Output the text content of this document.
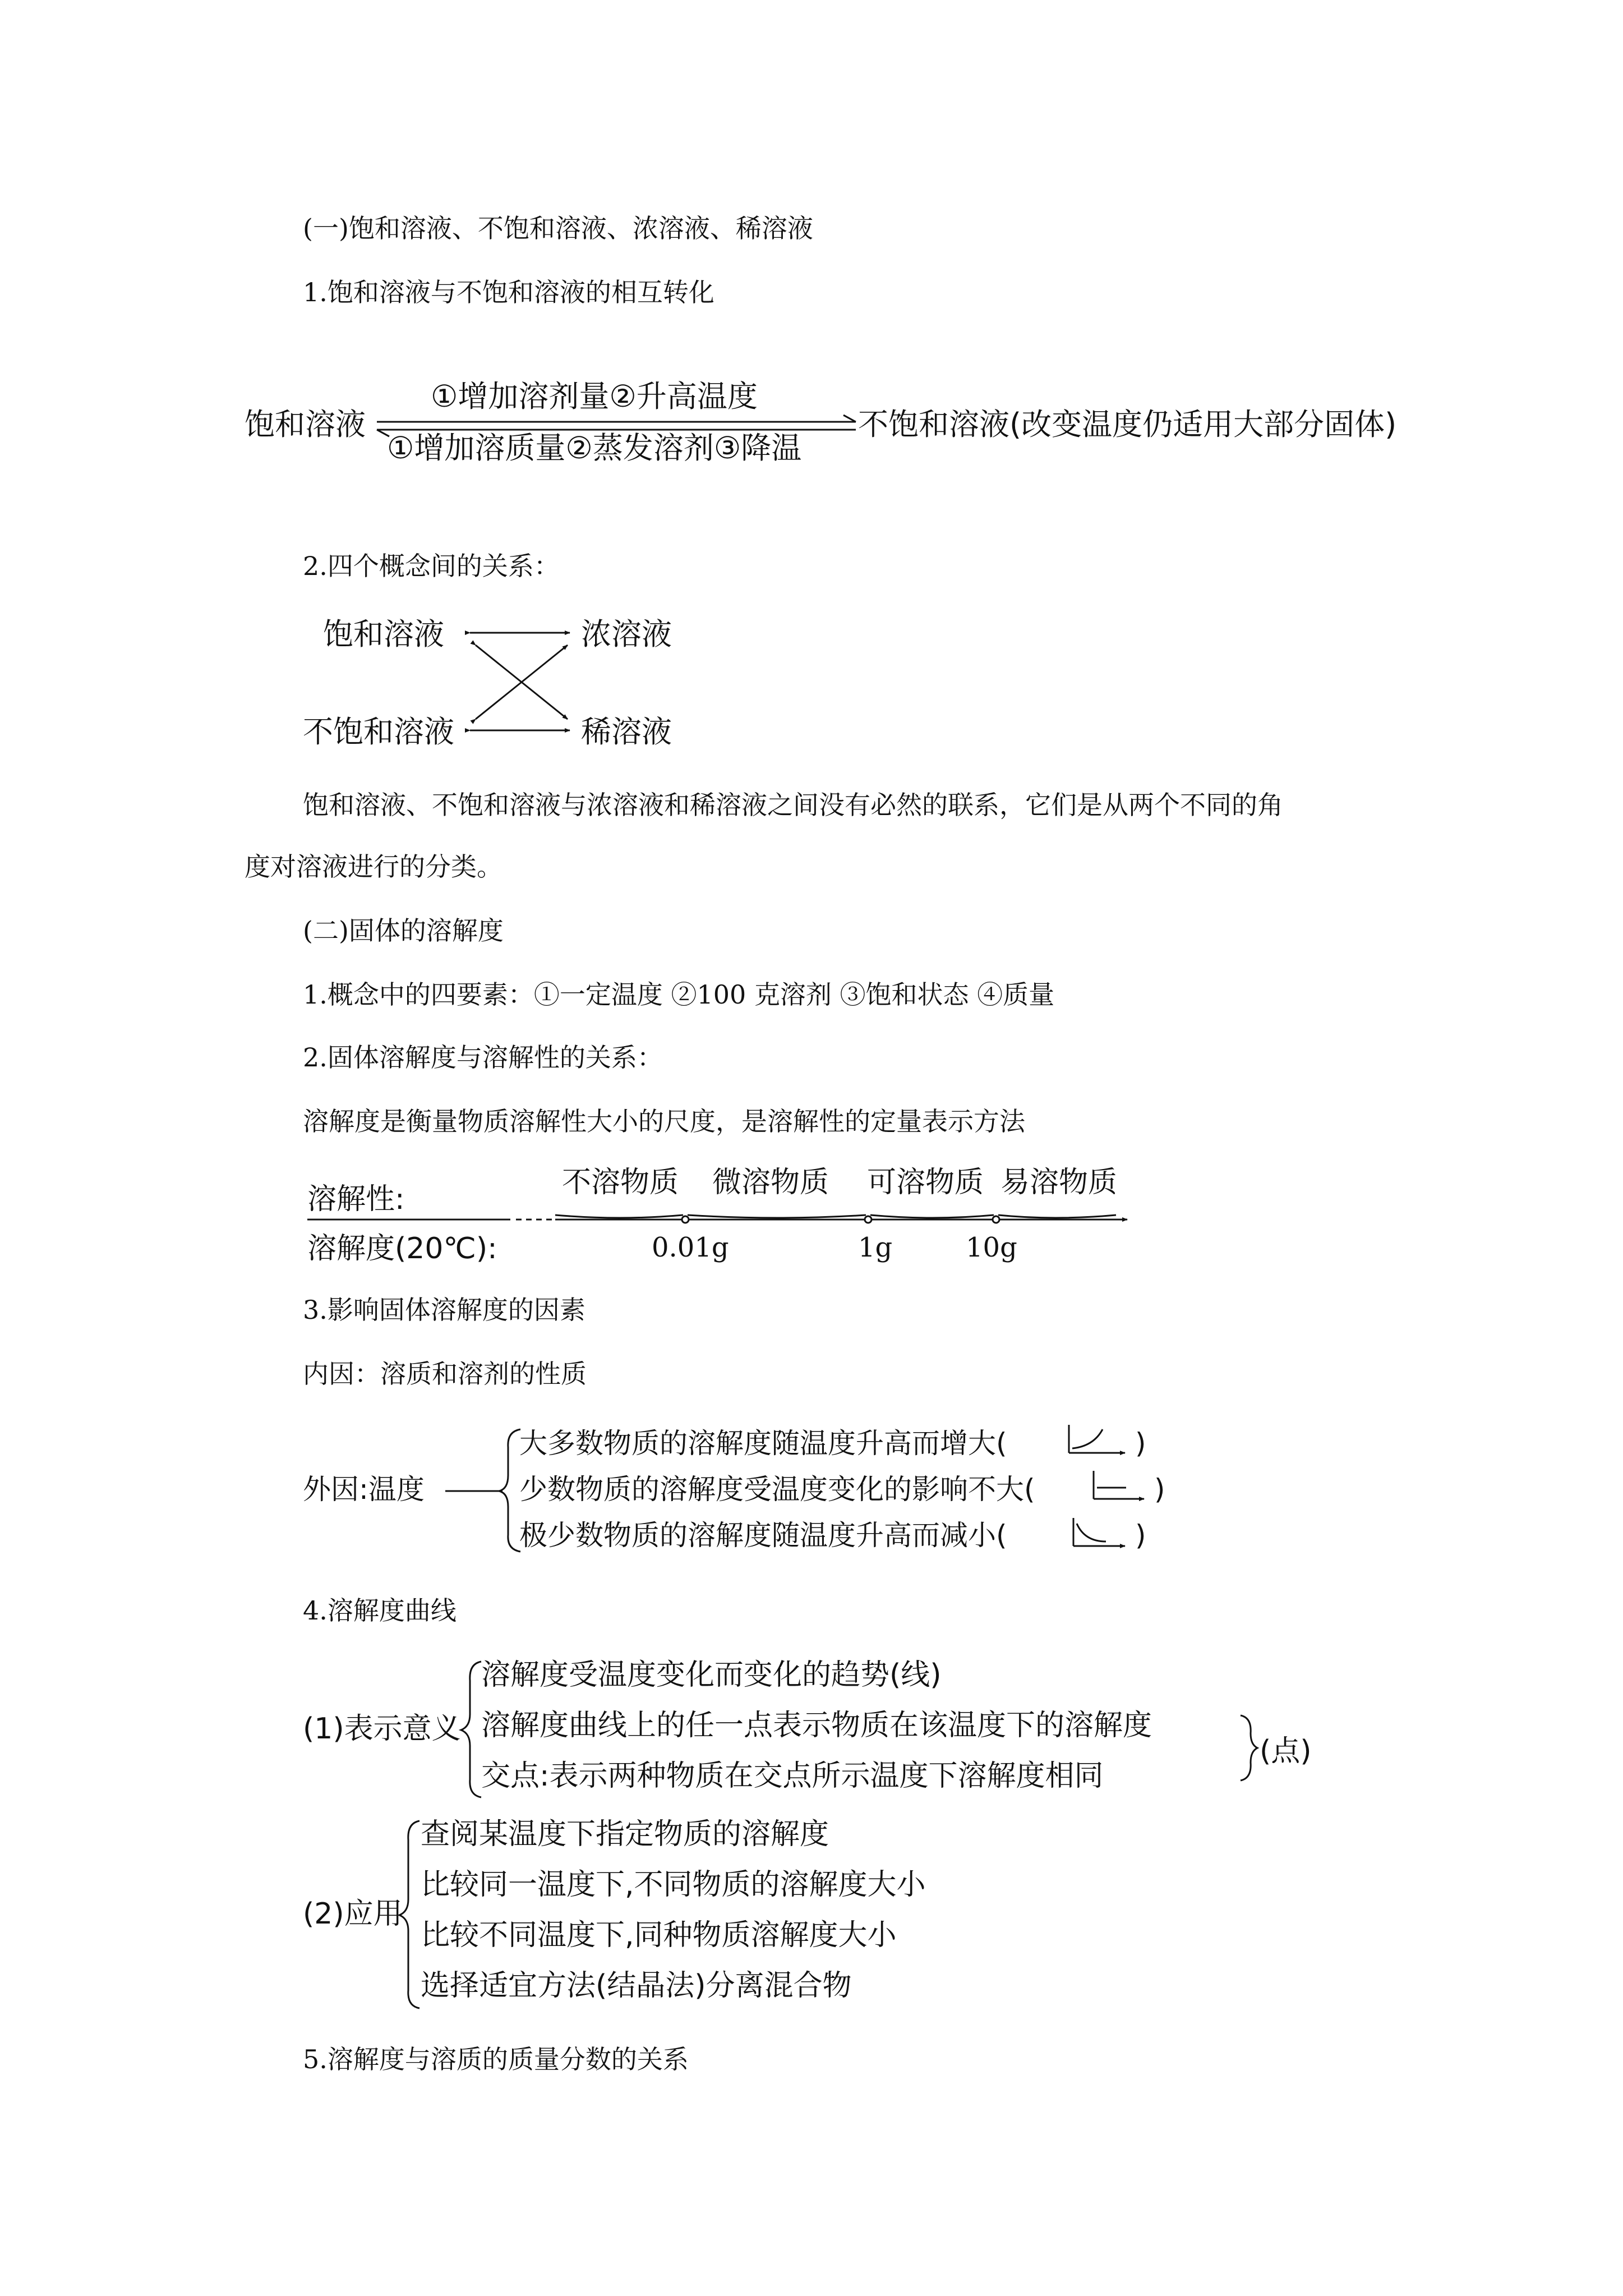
(一)饱和溶液、不饱和溶液、浓溶液、稀溶液
1.饱和溶液与不饱和溶液的相互转化
饱和溶液
①增加溶剂量②升高温度
①增加溶质量②蒸发溶剂③降温
不饱和溶液(改变温度仍适用大部分固体)
2.四个概念间的关系：
饱和溶液	浓溶液
不饱和溶液	稀溶液
饱和溶液、不饱和溶液与浓溶液和稀溶液之间没有必然的联系，它们是从两个不同的角
度对溶液进行的分类。
(二)固体的溶解度
1.概念中的四要素：①一定温度 ②100 克溶剂 ③饱和状态 ④质量
2.固体溶解度与溶解性的关系：
溶解度是衡量物质溶解性大小的尺度，是溶解性的定量表示方法
溶解性:
溶解度(20℃):
不溶物质 微溶物质 可溶物质 易溶物质
0.01g	1g	10g
3.影响固体溶解度的因素
内因：溶质和溶剂的性质
外因:温度
大多数物质的溶解度随温度升高而增大(
少数物质的溶解度受温度变化的影响不大(
极少数物质的溶解度随温度升高而减小(
)
)
)
4.溶解度曲线
(1)表示意义
溶解度受温度变化而变化的趋势(线)
溶解度曲线上的任一点表示物质在该温度下的溶解度
交点:表示两种物质在交点所示温度下溶解度相同
(点)
(2)应用
查阅某温度下指定物质的溶解度
比较同一温度下,不同物质的溶解度大小
比较不同温度下,同种物质溶解度大小
选择适宜方法(结晶法)分离混合物
5.溶解度与溶质的质量分数的关系
